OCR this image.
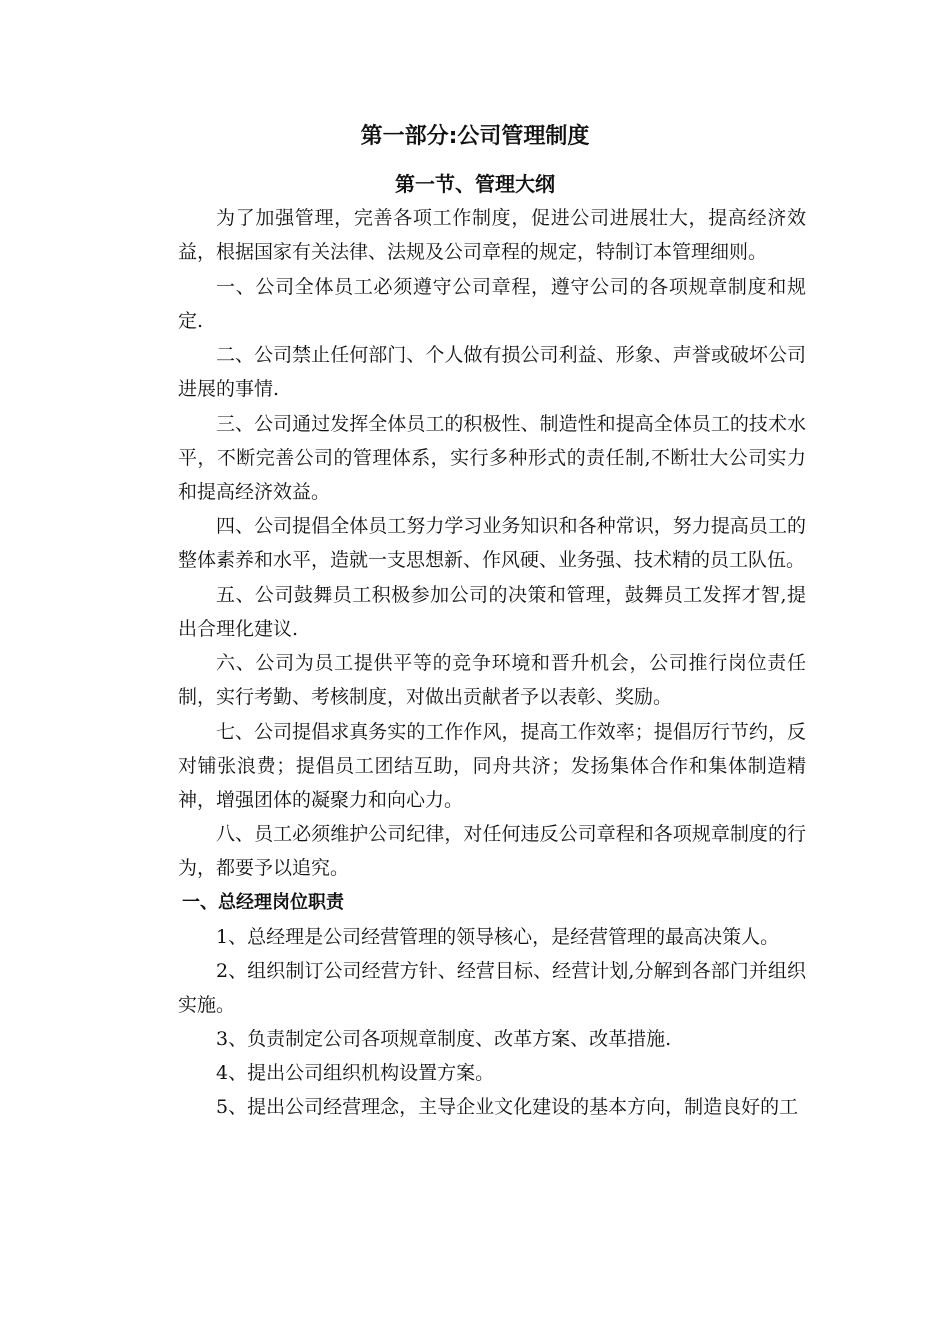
第一部分:公司管理制度
第一节、管理大纲

为了加强管理，完善各项工作制度，促进公司进展壮大，提高经济效益，根据国家有关法律、法规及公司章程的规定，特制订本管理细则。

一、公司全体员工必须遵守公司章程，遵守公司的各项规章制度和规定.

二、公司禁止任何部门、个人做有损公司利益、形象、声誉或破坏公司进展的事情.

三、公司通过发挥全体员工的积极性、制造性和提高全体员工的技术水平，不断完善公司的管理体系，实行多种形式的责任制,不断壮大公司实力和提高经济效益。

四、公司提倡全体员工努力学习业务知识和各种常识，努力提高员工的整体素养和水平，造就一支思想新、作风硬、业务强、技术精的员工队伍。

五、公司鼓舞员工积极参加公司的决策和管理，鼓舞员工发挥才智,提出合理化建议.

六、公司为员工提供平等的竞争环境和晋升机会，公司推行岗位责任制，实行考勤、考核制度，对做出贡献者予以表彰、奖励。

七、公司提倡求真务实的工作作风，提高工作效率；提倡厉行节约，反对铺张浪费；提倡员工团结互助，同舟共济；发扬集体合作和集体制造精神，增强团体的凝聚力和向心力。

八、员工必须维护公司纪律，对任何违反公司章程和各项规章制度的行为，都要予以追究。

一、总经理岗位职责

1、总经理是公司经营管理的领导核心，是经营管理的最高决策人。

2、组织制订公司经营方针、经营目标、经营计划,分解到各部门并组织实施。

3、负责制定公司各项规章制度、改革方案、改革措施.

4、提出公司组织机构设置方案。

5、提出公司经营理念，主导企业文化建设的基本方向，制造良好的工
